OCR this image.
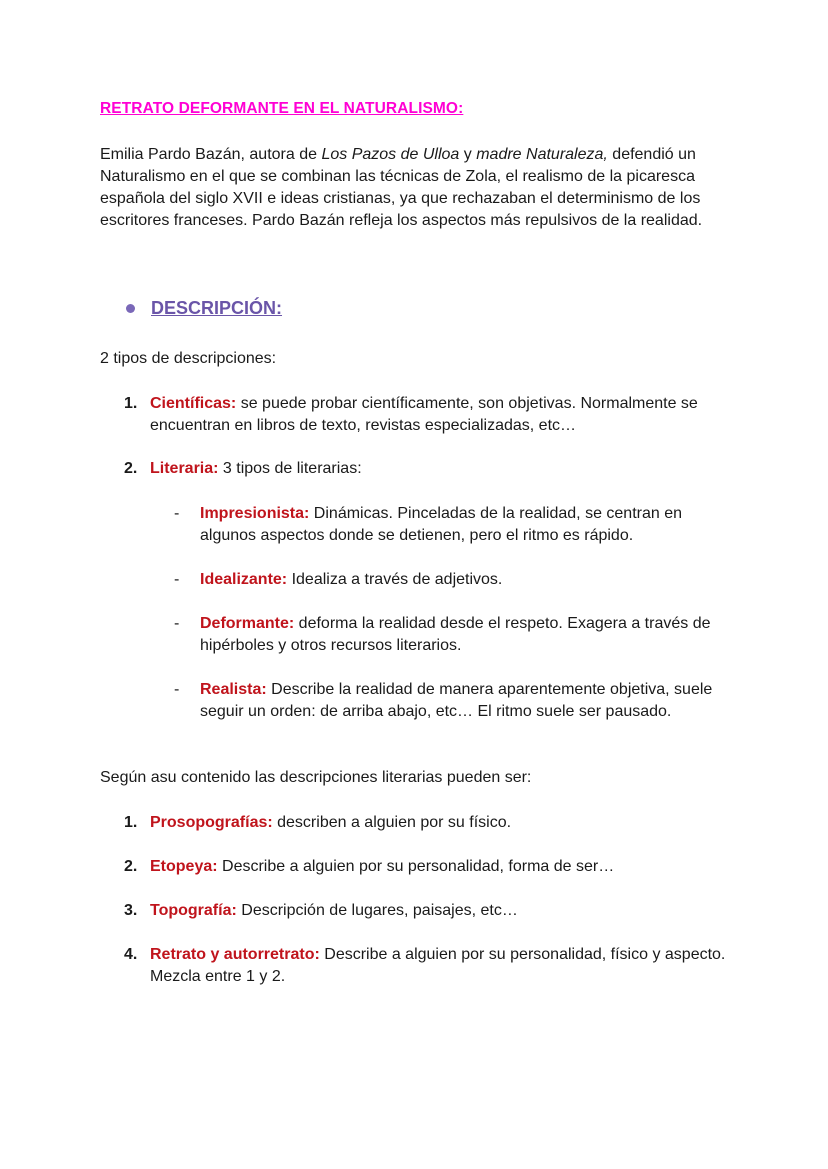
RETRATO DEFORMANTE EN EL NATURALISMO:

Emilia Pardo Bazán, autora de Los Pazos de Ulloa y madre Naturaleza, defendió un Naturalismo en el que se combinan las técnicas de Zola, el realismo de la picaresca española del siglo XVII e ideas cristianas, ya que rechazaban el determinismo de los escritores franceses. Pardo Bazán refleja los aspectos más repulsivos de la realidad.

DESCRIPCIÓN:

2 tipos de descripciones:

1. Científicas: se puede probar científicamente, son objetivas. Normalmente se encuentran en libros de texto, revistas especializadas, etc…
2. Literaria: 3 tipos de literarias:
-	Impresionista: Dinámicas. Pinceladas de la realidad, se centran en algunos aspectos donde se detienen, pero el ritmo es rápido.
-	Idealizante: Idealiza a través de adjetivos.
-	Deformante: deforma la realidad desde el respeto. Exagera a través de hipérboles y otros recursos literarios.
-	Realista: Describe la realidad de manera aparentemente objetiva, suele seguir un orden: de arriba abajo, etc… El ritmo suele ser pausado.

Según asu contenido las descripciones literarias pueden ser:

1. Prosopografías: describen a alguien por su físico.
2. Etopeya: Describe a alguien por su personalidad, forma de ser…
3. Topografía: Descripción de lugares, paisajes, etc…
4. Retrato y autorretrato: Describe a alguien por su personalidad, físico y aspecto. Mezcla entre 1 y 2.
